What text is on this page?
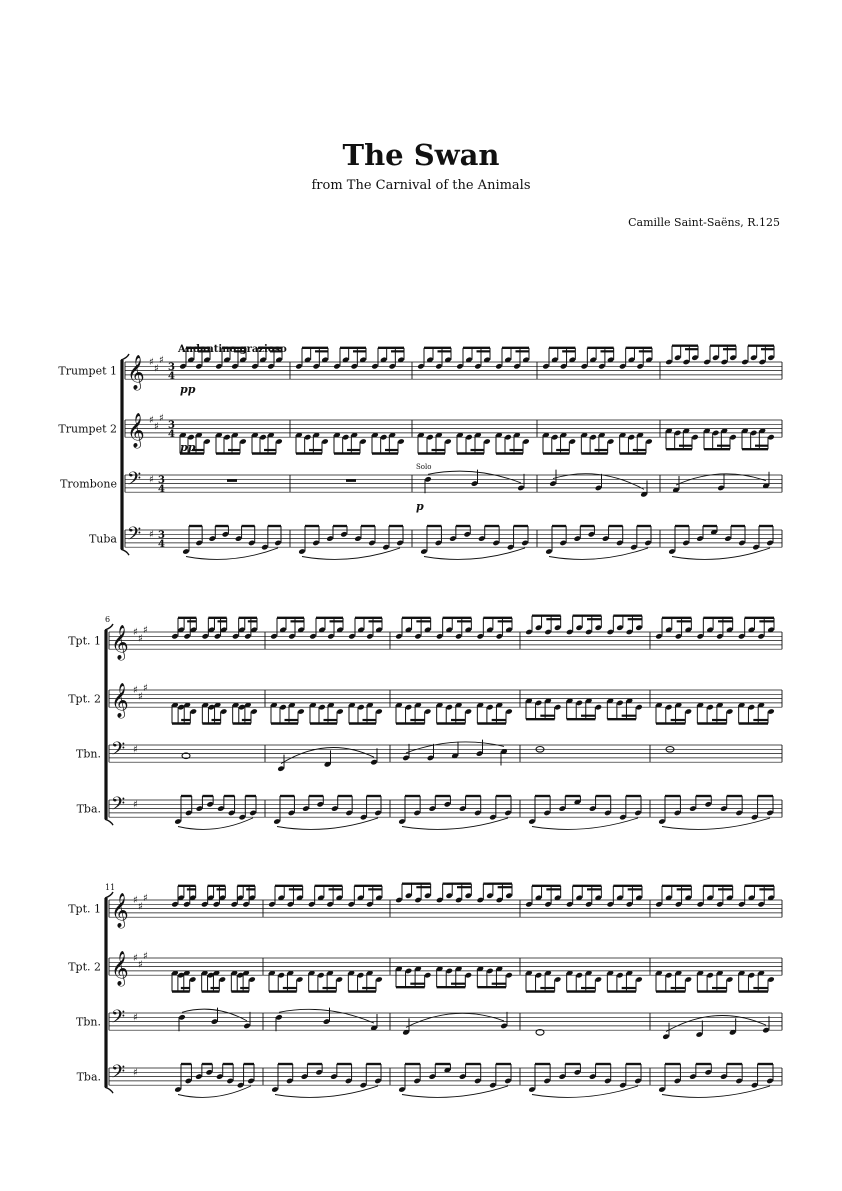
The Swan
from The Carnival of the Animals
Camille Saint-Saëns, R.125
Andantino grazioso
Trumpet 1 𝄞 ♯
♯
♯
3
4
pp
Trumpet 2 𝄞 ♯
♯
♯
3
4
pp
Trombone 𝄢 ♯ 3
4
Solo
p
Tuba 𝄢 ♯ 3
4
6
Tpt. 1 𝄞 ♯
♯
♯
Tpt. 2 𝄞 ♯
♯
♯
Tbn. 𝄢 ♯
Tba. 𝄢 ♯
11
Tpt. 1 𝄞 ♯
♯
♯
Tpt. 2 𝄞 ♯
♯
♯
Tbn. 𝄢 ♯
Tba. 𝄢 ♯
